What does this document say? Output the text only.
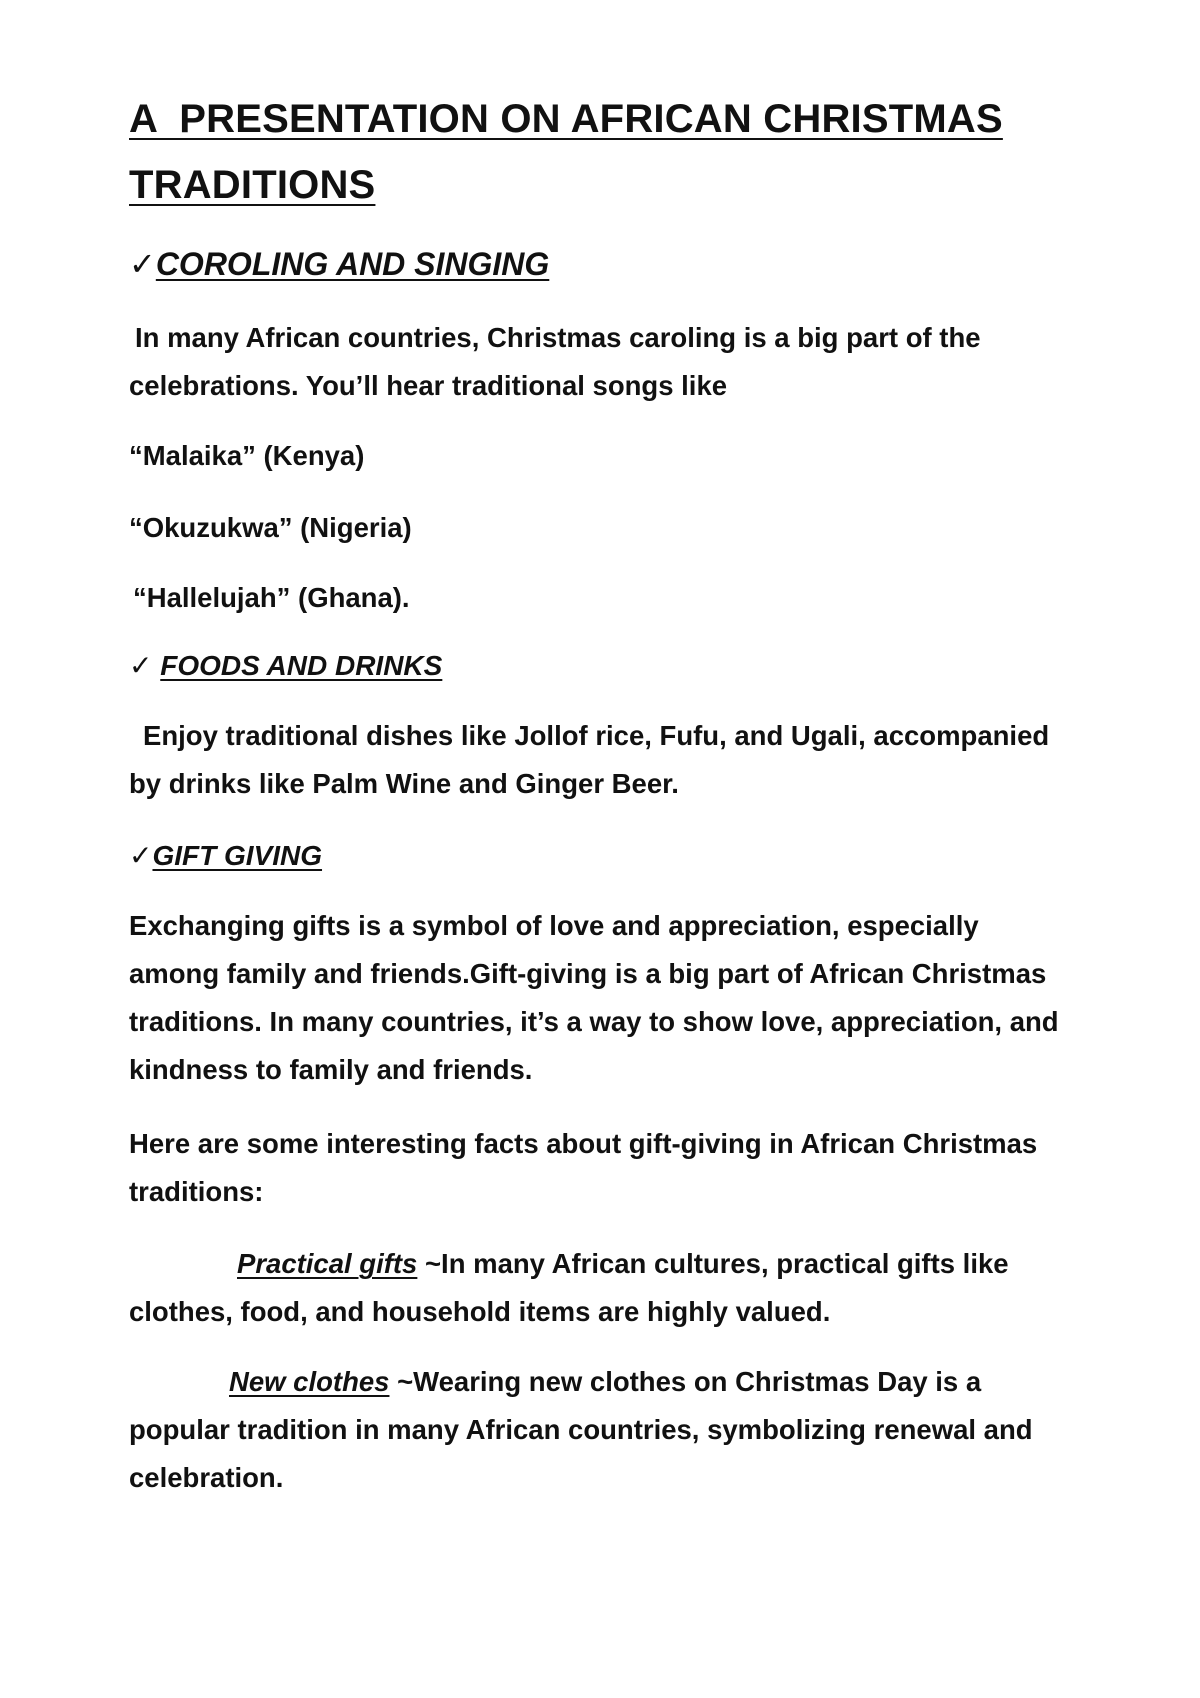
A  PRESENTATION ON AFRICAN CHRISTMAS

TRADITIONS

✓COROLING AND SINGING

In many African countries, Christmas caroling is a big part of the celebrations. You’ll hear traditional songs like

“Malaika” (Kenya)

“Okuzukwa” (Nigeria)

“Hallelujah” (Ghana).

✓ FOODS AND DRINKS

Enjoy traditional dishes like Jollof rice, Fufu, and Ugali, accompanied by drinks like Palm Wine and Ginger Beer.

✓GIFT GIVING

Exchanging gifts is a symbol of love and appreciation, especially among family and friends.Gift-giving is a big part of African Christmas traditions. In many countries, it’s a way to show love, appreciation, and kindness to family and friends.

Here are some interesting facts about gift-giving in African Christmas traditions:

Practical gifts ~In many African cultures, practical gifts like clothes, food, and household items are highly valued.

New clothes ~Wearing new clothes on Christmas Day is a popular tradition in many African countries, symbolizing renewal and celebration.
